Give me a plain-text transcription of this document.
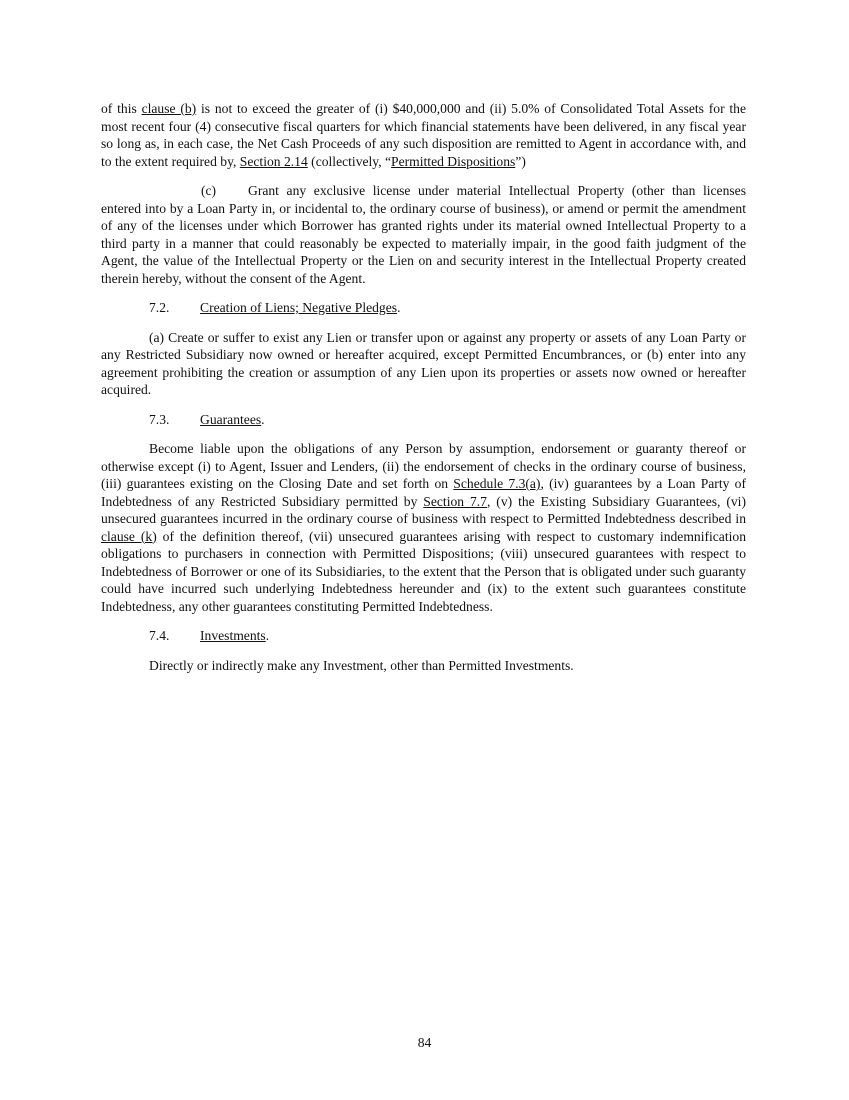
of this clause (b) is not to exceed the greater of (i) $40,000,000 and (ii) 5.0% of Consolidated Total Assets for the most recent four (4) consecutive fiscal quarters for which financial statements have been delivered, in any fiscal year so long as, in each case, the Net Cash Proceeds of any such disposition are remitted to Agent in accordance with, and to the extent required by, Section 2.14 (collectively, “Permitted Dispositions”)

(c) Grant any exclusive license under material Intellectual Property (other than licenses entered into by a Loan Party in, or incidental to, the ordinary course of business), or amend or permit the amendment of any of the licenses under which Borrower has granted rights under its material owned Intellectual Property to a third party in a manner that could reasonably be expected to materially impair, in the good faith judgment of the Agent, the value of the Intellectual Property or the Lien on and security interest in the Intellectual Property created therein hereby, without the consent of the Agent.

7.2. Creation of Liens; Negative Pledges.

(a) Create or suffer to exist any Lien or transfer upon or against any property or assets of any Loan Party or any Restricted Subsidiary now owned or hereafter acquired, except Permitted Encumbrances, or (b) enter into any agreement prohibiting the creation or assumption of any Lien upon its properties or assets now owned or hereafter acquired.

7.3. Guarantees.

Become liable upon the obligations of any Person by assumption, endorsement or guaranty thereof or otherwise except (i) to Agent, Issuer and Lenders, (ii) the endorsement of checks in the ordinary course of business, (iii) guarantees existing on the Closing Date and set forth on Schedule 7.3(a), (iv) guarantees by a Loan Party of Indebtedness of any Restricted Subsidiary permitted by Section 7.7, (v) the Existing Subsidiary Guarantees, (vi) unsecured guarantees incurred in the ordinary course of business with respect to Permitted Indebtedness described in clause (k) of the definition thereof, (vii) unsecured guarantees arising with respect to customary indemnification obligations to purchasers in connection with Permitted Dispositions; (viii) unsecured guarantees with respect to Indebtedness of Borrower or one of its Subsidiaries, to the extent that the Person that is obligated under such guaranty could have incurred such underlying Indebtedness hereunder and (ix) to the extent such guarantees constitute Indebtedness, any other guarantees constituting Permitted Indebtedness.

7.4. Investments.

Directly or indirectly make any Investment, other than Permitted Investments.

84
